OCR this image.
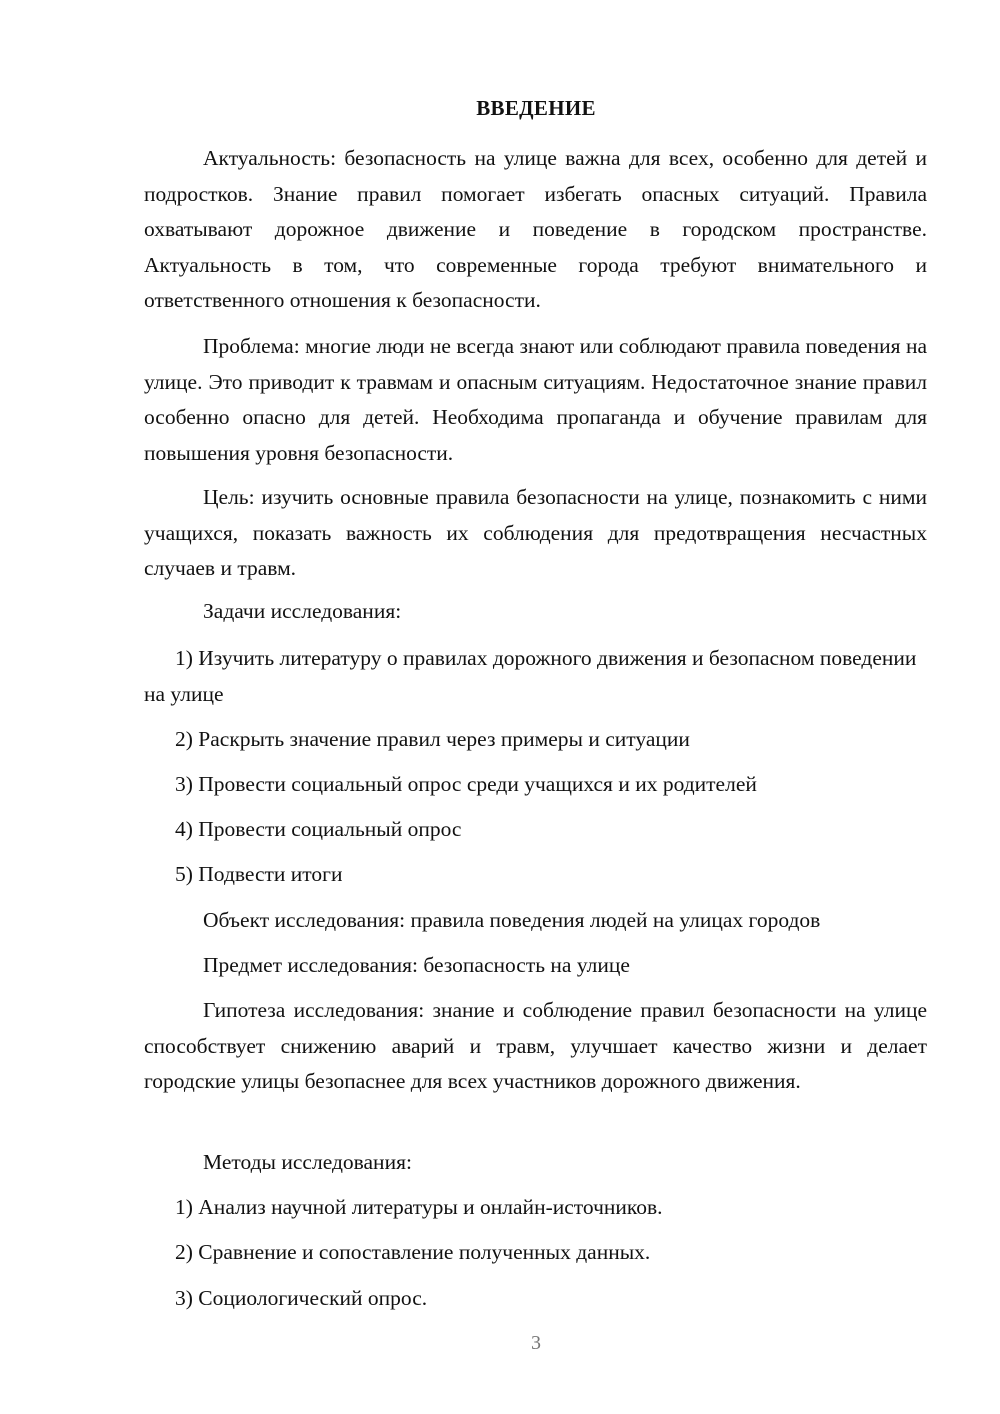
ВВЕДЕНИЕ

Актуальность: безопасность на улице важна для всех, особенно для детей и подростков. Знание правил помогает избегать опасных ситуаций. Правила охватывают дорожное движение и поведение в городском пространстве. Актуальность в том, что современные города требуют внимательного и ответственного отношения к безопасности.

Проблема: многие люди не всегда знают или соблюдают правила поведения на улице. Это приводит к травмам и опасным ситуациям. Недостаточное знание правил особенно опасно для детей. Необходима пропаганда и обучение правилам для повышения уровня безопасности.

Цель: изучить основные правила безопасности на улице, познакомить с ними учащихся, показать важность их соблюдения для предотвращения несчастных случаев и травм.

Задачи исследования:

1) Изучить литературу о правилах дорожного движения и безопасном поведении на улице

2) Раскрыть значение правил через примеры и ситуации

3) Провести социальный опрос среди учащихся и их родителей

4) Провести социальный опрос

5) Подвести итоги

Объект исследования: правила поведения людей на улицах городов

Предмет исследования: безопасность на улице

Гипотеза исследования: знание и соблюдение правил безопасности на улице способствует снижению аварий и травм, улучшает качество жизни и делает городские улицы безопаснее для всех участников дорожного движения.

Методы исследования:

1) Анализ научной литературы и онлайн-источников.

2) Сравнение и сопоставление полученных данных.

3) Социологический опрос.

3
